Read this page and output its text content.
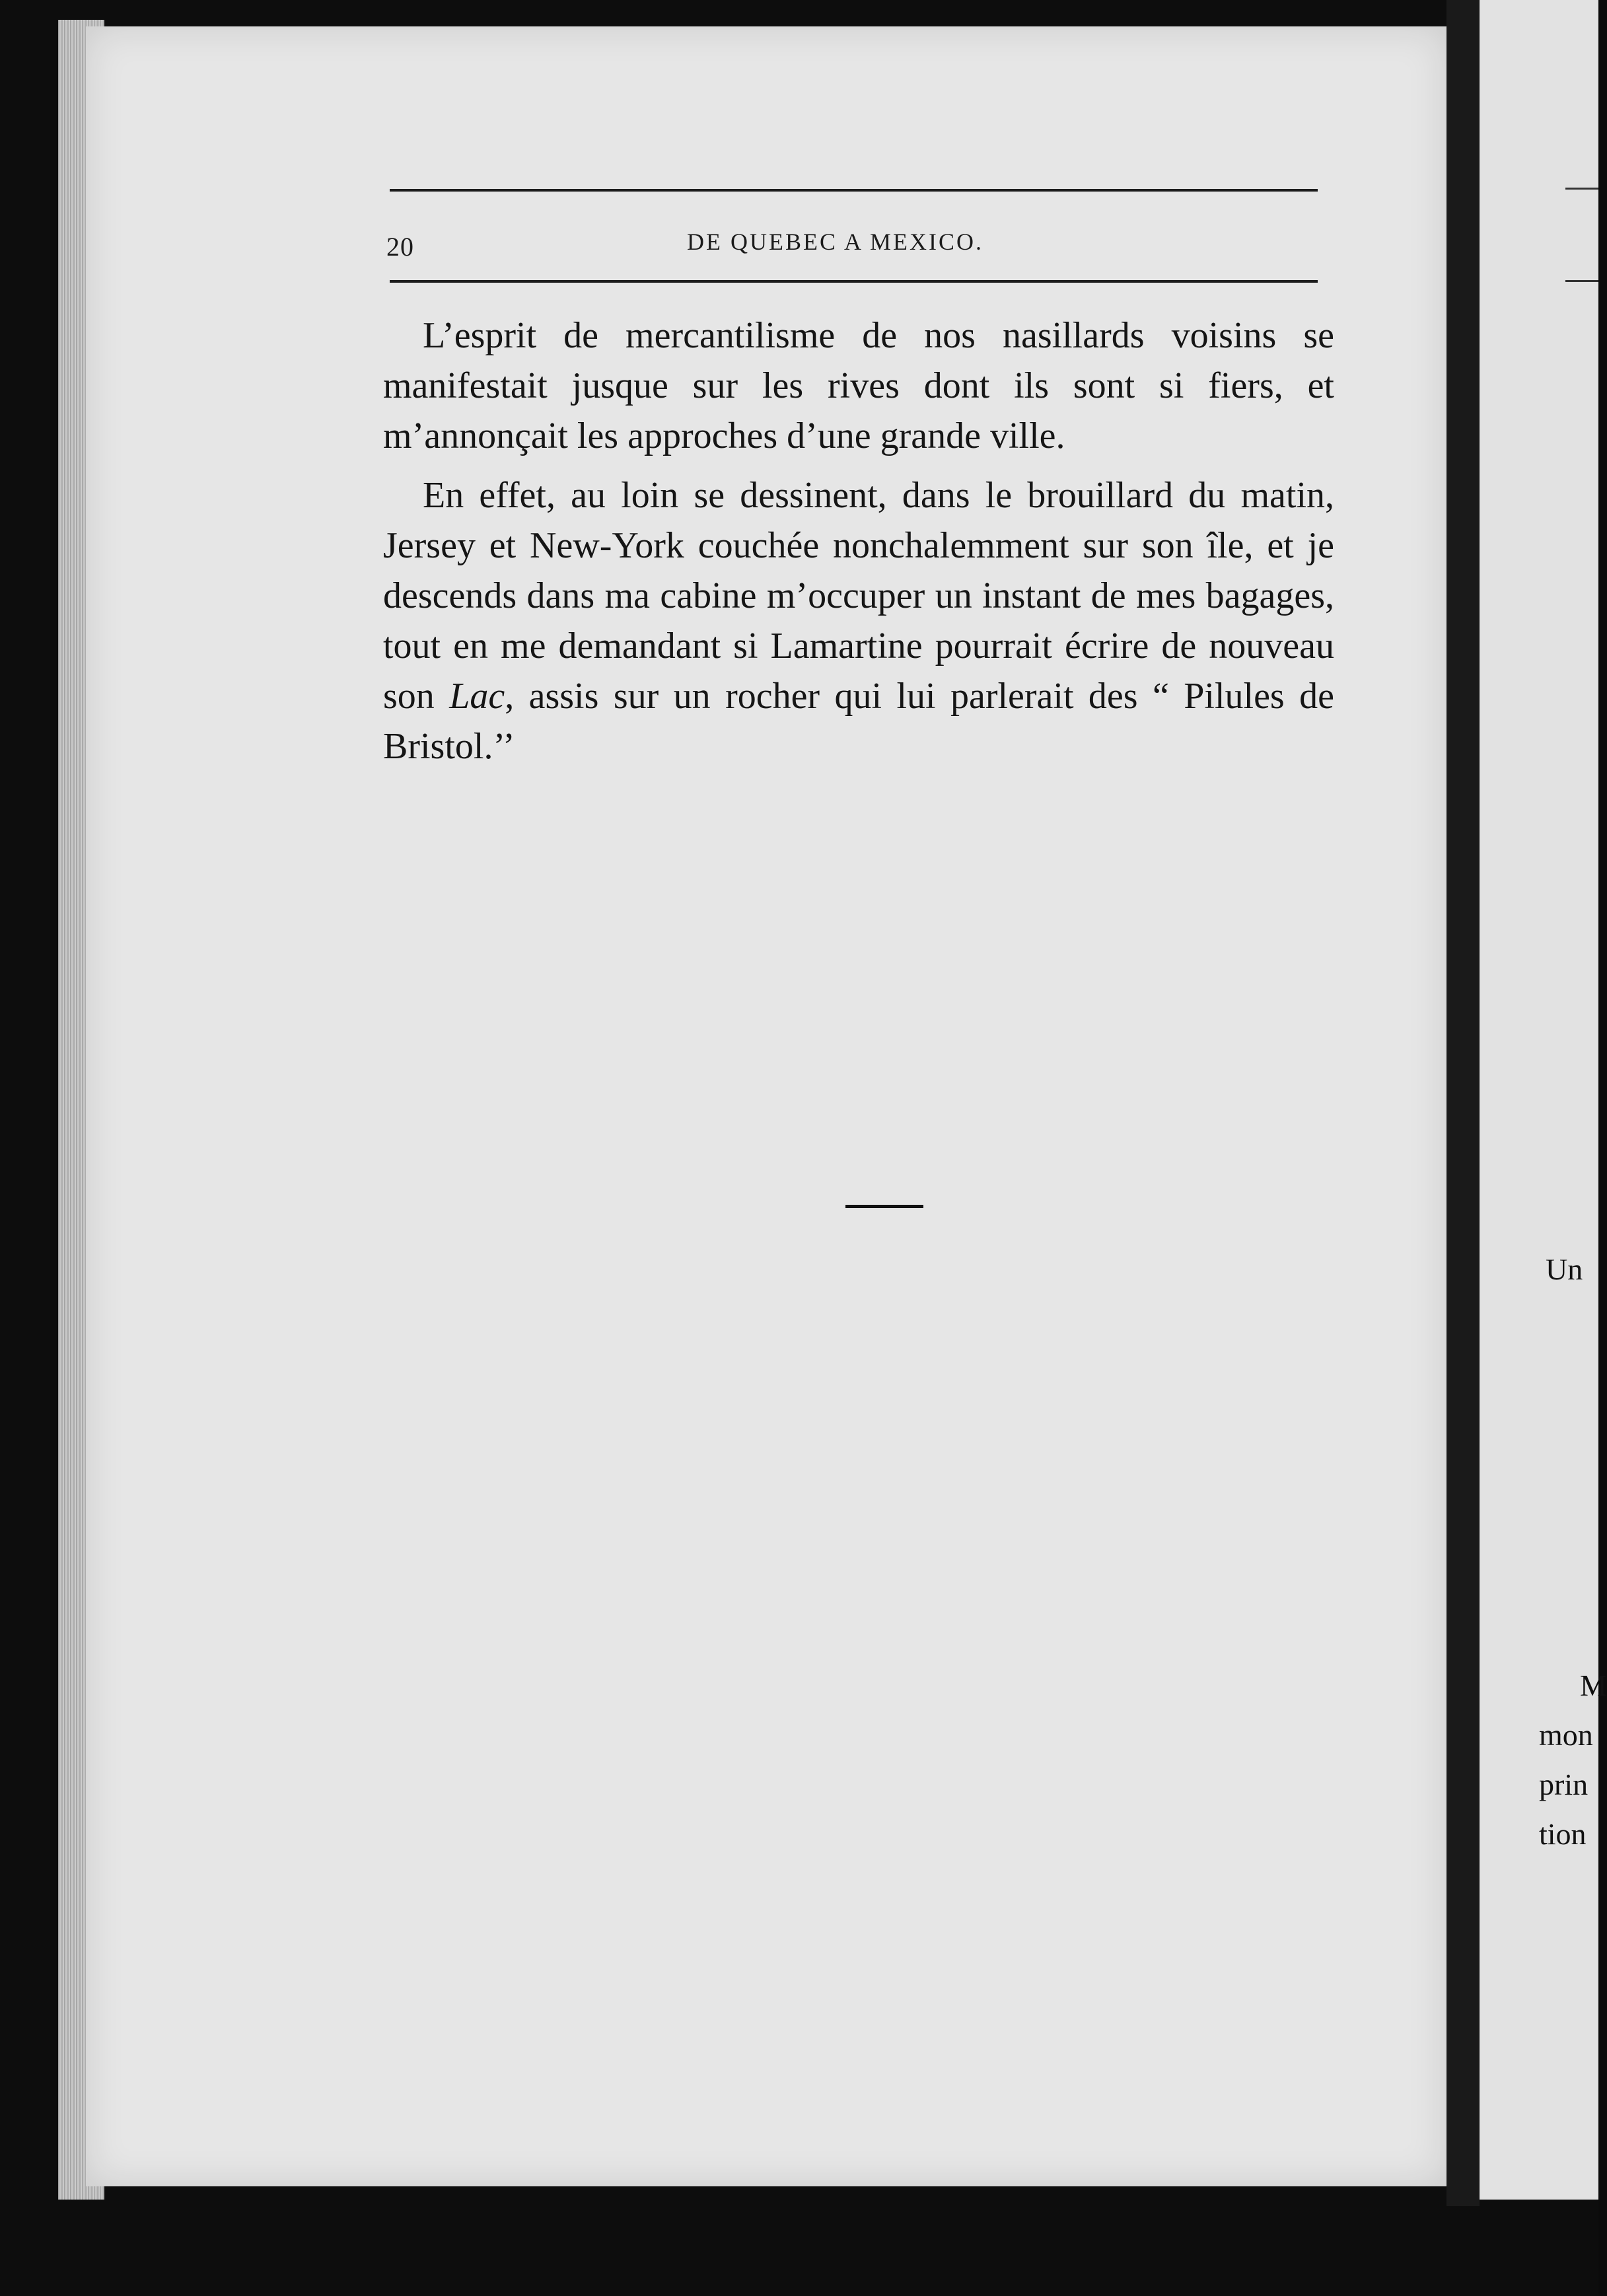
20	DE QUEBEC A MEXICO.

L’esprit de mercantilisme de nos nasillards voisins se manifestait jusque sur les rives dont ils sont si fiers, et m’annonçait les approches d’une grande ville.

En effet, au loin se dessinent, dans le brouillard du matin, Jersey et New-York couchée nonchalemment sur son île, et je descends dans ma cabine m’occuper un instant de mes bagages, tout en me demandant si Lamartine pourrait écrire de nouveau son Lac, assis sur un rocher qui lui parlerait des “ Pilules de Bristol.’’

Un
M
mon
prin
tion
